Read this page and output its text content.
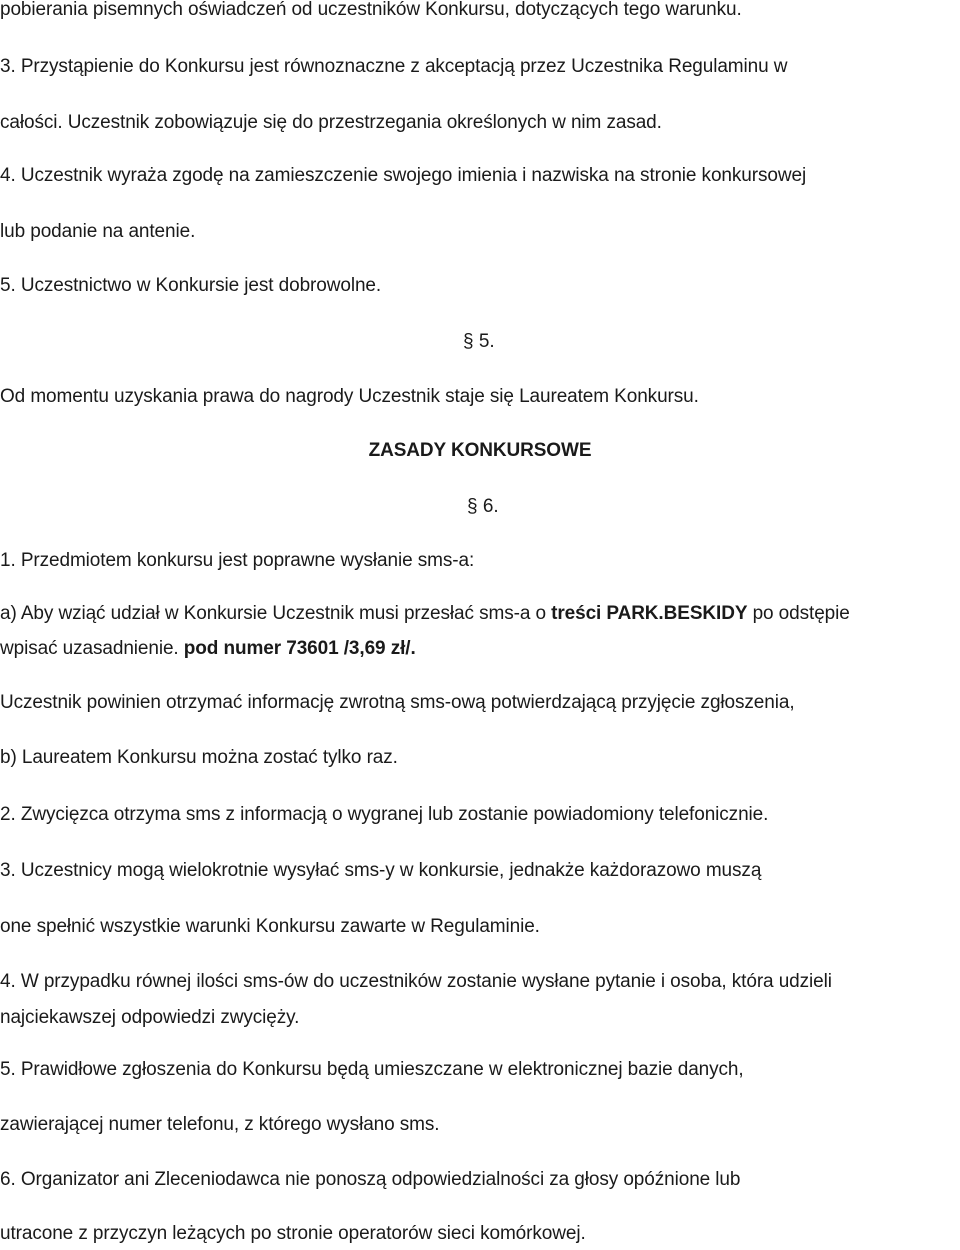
pobierania pisemnych oświadczeń od uczestników Konkursu, dotyczących tego warunku.
3. Przystąpienie do Konkursu jest równoznaczne z akceptacją przez Uczestnika Regulaminu w
całości. Uczestnik zobowiązuje się do przestrzegania określonych w nim zasad.
4. Uczestnik wyraża zgodę na zamieszczenie swojego imienia i nazwiska na stronie konkursowej
lub podanie na antenie.
5. Uczestnictwo w Konkursie jest dobrowolne.
§ 5.
Od momentu uzyskania prawa do nagrody Uczestnik staje się Laureatem Konkursu.
ZASADY KONKURSOWE
§ 6.
1. Przedmiotem konkursu jest poprawne wysłanie sms-a:
a) Aby wziąć udział w Konkursie Uczestnik musi przesłać sms-a o treści PARK.BESKIDY po odstępie
wpisać uzasadnienie. pod numer 73601 /3,69 zł/.
Uczestnik powinien otrzymać informację zwrotną sms-ową potwierdzającą przyjęcie zgłoszenia,
b) Laureatem Konkursu można zostać tylko raz.
2. Zwycięzca otrzyma sms z informacją o wygranej lub zostanie powiadomiony telefonicznie.
3. Uczestnicy mogą wielokrotnie wysyłać sms-y w konkursie, jednakże każdorazowo muszą
one spełnić wszystkie warunki Konkursu zawarte w Regulaminie.
4. W przypadku równej ilości sms-ów do uczestników zostanie wysłane pytanie i osoba, która udzieli
najciekawszej odpowiedzi zwycięży.
5. Prawidłowe zgłoszenia do Konkursu będą umieszczane w elektronicznej bazie danych,
zawierającej numer telefonu, z którego wysłano sms.
6. Organizator ani Zleceniodawca nie ponoszą odpowiedzialności za głosy opóźnione lub
utracone z przyczyn leżących po stronie operatorów sieci komórkowej.
